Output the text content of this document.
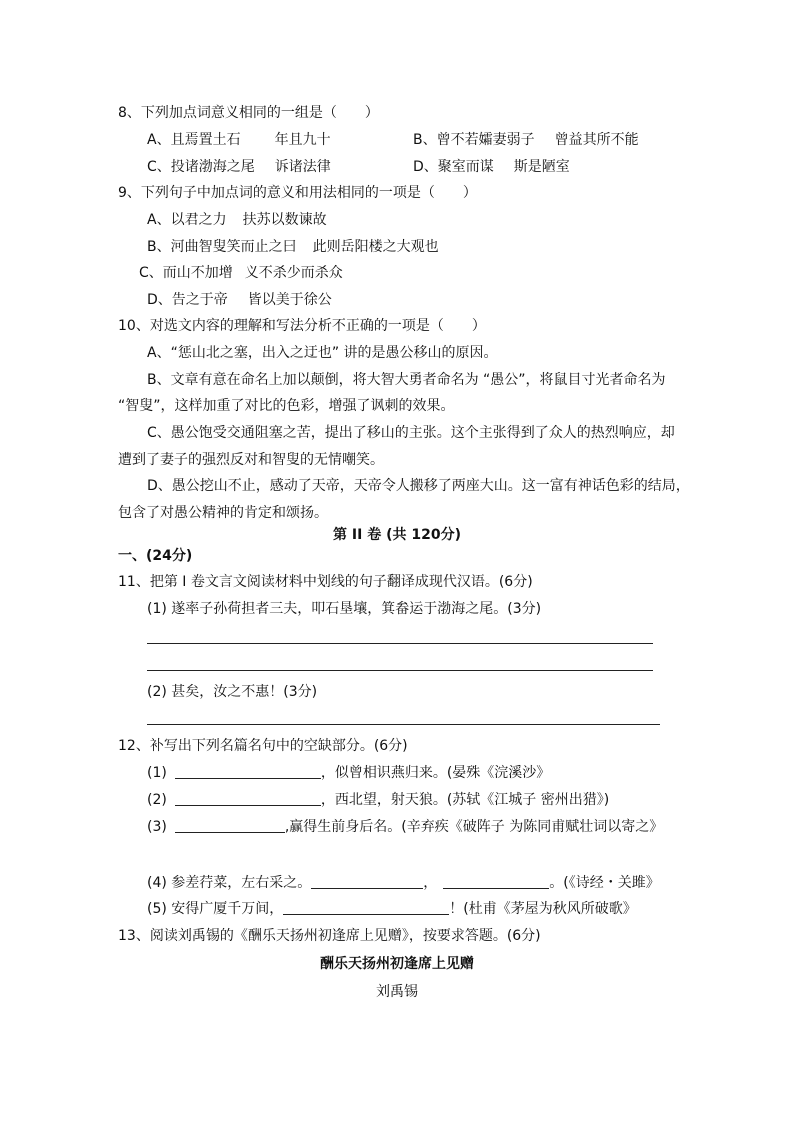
8、下列加点词意义相同的一组是（　　）
A、且焉置土石 年且九十	B、曾不若孀妻弱子 曾益其所不能
C、投诸渤海之尾 诉诸法律	D、聚室而谋 斯是陋室
9、下列句子中加点词的意义和用法相同的一项是（　　）
A、以君之力 扶苏以数谏故
B、河曲智叟笑而止之曰 此则岳阳楼之大观也
C、而山不加增 义不杀少而杀众
D、告之于帝 皆以美于徐公
10、对选文内容的理解和写法分析不正确的一项是（　　）
A、“惩山北之塞，出入之迂也” 讲的是愚公移山的原因。
B、文章有意在命名上加以颠倒，将大智大勇者命名为 “愚公”，将鼠目寸光者命名为
“智叟”，这样加重了对比的色彩，增强了讽刺的效果。
C、愚公饱受交通阻塞之苦，提出了移山的主张。这个主张得到了众人的热烈响应，却
遭到了妻子的强烈反对和智叟的无情嘲笑。
D、愚公挖山不止，感动了天帝，天帝令人搬移了两座大山。这一富有神话色彩的结局，
包含了对愚公精神的肯定和颂扬。
第 II 卷 (共 120分)
一、(24分)
11、把第 I 卷文言文阅读材料中划线的句子翻译成现代汉语。(6分)
(1) 遂率子孙荷担者三夫，叩石垦壤，箕畚运于渤海之尾。(3分)
(2) 甚矣，汝之不惠！(3分)
12、补写出下列名篇名句中的空缺部分。(6分)
(1)	，似曾相识燕归来。(晏殊《浣溪沙》
(2)	，西北望，射天狼。(苏轼《江城子 密州出猎》)
(3)	,赢得生前身后名。(辛弃疾《破阵子 为陈同甫赋壮词以寄之》
(4) 参差荇菜，左右采之。	，	。(《诗经・关雎》
(5) 安得广厦千万间，	！(杜甫《茅屋为秋风所破歌》
13、阅读刘禹锡的《酬乐天扬州初逢席上见赠》，按要求答题。(6分)
酬乐天扬州初逢席上见赠
刘禹锡
